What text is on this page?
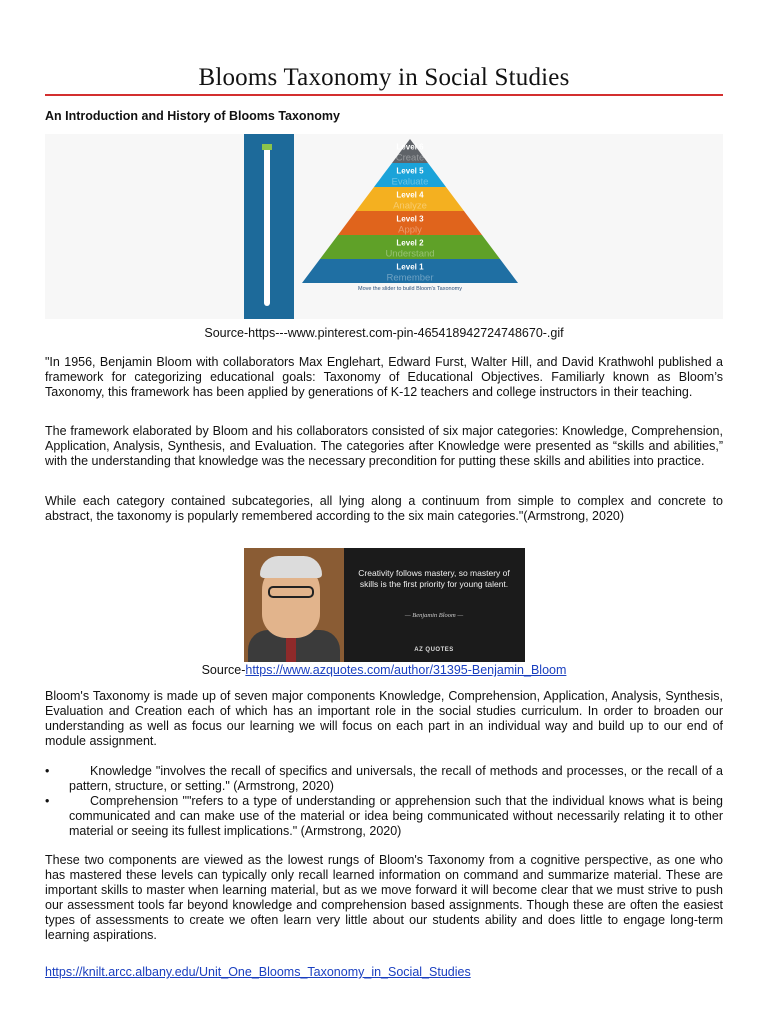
Blooms Taxonomy in Social Studies
An Introduction and History of Blooms Taxonomy
Level 6
Create
Level 5
Evaluate
Level 4
Analyze
Level 3
Apply
Level 2
Understand
Level 1
Remember
Move the slider to build Bloom's Taxonomy
Source-https---www.pinterest.com-pin-465418942724748670-.gif

"In 1956, Benjamin Bloom with collaborators Max Englehart, Edward Furst, Walter Hill, and David Krathwohl published a framework for categorizing educational goals: Taxonomy of Educational Objectives. Familiarly known as Bloom’s Taxonomy, this framework has been applied by generations of K-12 teachers and college instructors in their teaching.

The framework elaborated by Bloom and his collaborators consisted of six major categories: Knowledge, Comprehension, Application, Analysis, Synthesis, and Evaluation. The categories after Knowledge were presented as “skills and abilities,” with the understanding that knowledge was the necessary precondition for putting these skills and abilities into practice.

While each category contained subcategories, all lying along a continuum from simple to complex and concrete to abstract, the taxonomy is popularly remembered according to the six main categories."(Armstrong, 2020)

Creativity follows mastery, so mastery of skills is the first priority for young talent.
— Benjamin Bloom —
AZ QUOTES
Source-https://www.azquotes.com/author/31395-Benjamin_Bloom

Bloom's Taxonomy is made up of seven major components Knowledge, Comprehension, Application, Analysis, Synthesis, Evaluation and Creation each of which has an important role in the social studies curriculum. In order to broaden our understanding as well as focus our learning we will focus on each part in an individual way and build up to our end of module assignment.

•	Knowledge "involves the recall of specifics and universals, the recall of methods and processes, or the recall of a pattern, structure, or setting." (Armstrong, 2020)
•	Comprehension ""refers to a type of understanding or apprehension such that the individual knows what is being communicated and can make use of the material or idea being communicated without necessarily relating it to other material or seeing its fullest implications." (Armstrong, 2020)

These two components are viewed as the lowest rungs of Bloom's Taxonomy from a cognitive perspective, as one who has mastered these levels can typically only recall learned information on command and summarize material. These are important skills to master when learning material, but as we move forward it will become clear that we must strive to push our assessment tools far beyond knowledge and comprehension based assignments. Though these are often the easiest types of assessments to create we often learn very little about our students ability and does little to engage long-term learning aspirations.

https://knilt.arcc.albany.edu/Unit_One_Blooms_Taxonomy_in_Social_Studies
